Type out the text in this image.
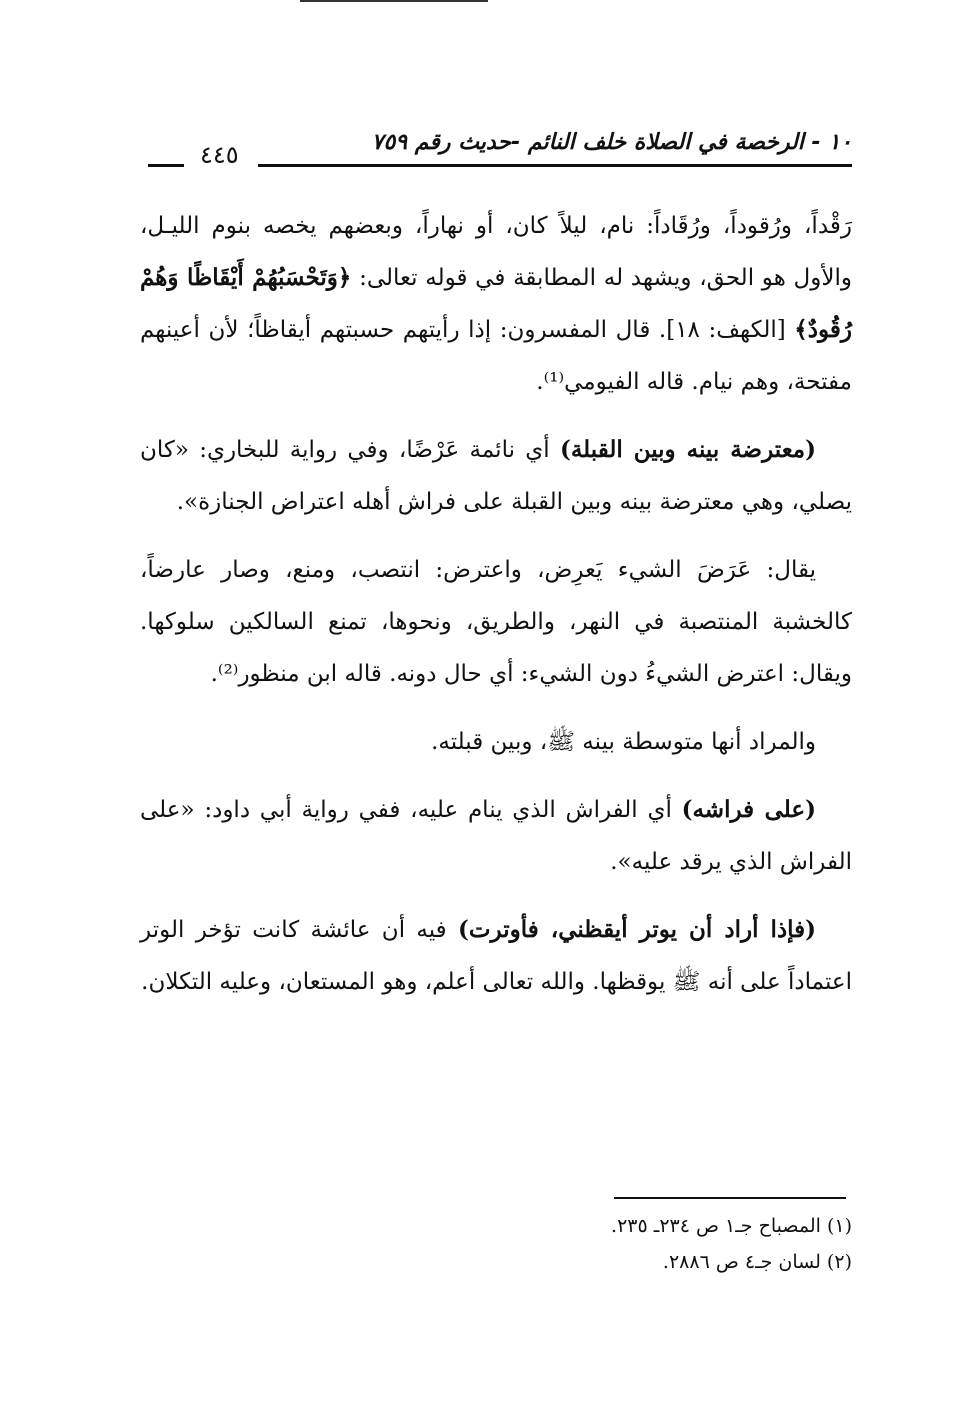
١٠ - الرخصة في الصلاة خلف النائم -حديث رقم ٧٥٩
٤٤٥

رَقْداً، ورُقوداً، ورُقَاداً: نام، ليلاً كان، أو نهاراً، وبعضهم يخصه بنوم الليـل، والأول هو الحق، ويشهد له المطابقة في قوله تعالى: ﴿وَتَحْسَبُهُمْ أَيْقَاظًا وَهُمْ رُقُودٌ﴾ [الكهف: ١٨]. قال المفسرون: إذا رأيتهم حسبتهم أيقاظاً؛ لأن أعينهم مفتحة، وهم نيام. قاله الفيومي⁽¹⁾.

(معترضة بينه وبين القبلة) أي نائمة عَرْضًا، وفي رواية للبخاري: «كان يصلي، وهي معترضة بينه وبين القبلة على فراش أهله اعتراض الجنازة».

يقال: عَرَضَ الشيء يَعرِض، واعترض: انتصب، ومنع، وصار عارضاً، كالخشبة المنتصبة في النهر، والطريق، ونحوها، تمنع السالكين سلوكها. ويقال: اعترض الشيءُ دون الشيء: أي حال دونه. قاله ابن منظور⁽²⁾.

والمراد أنها متوسطة بينه ﷺ، وبين قبلته.

(على فراشه) أي الفراش الذي ينام عليه، ففي رواية أبي داود: «على الفراش الذي يرقد عليه».

(فإذا أراد أن يوتر أيقظني، فأوترت) فيه أن عائشة كانت تؤخر الوتر اعتماداً على أنه ﷺ يوقظها. والله تعالى أعلم، وهو المستعان، وعليه التكلان.

(١) المصباح جـ١ ص ٢٣٤ـ ٢٣٥.
(٢) لسان جـ٤ ص ٢٨٨٦.
